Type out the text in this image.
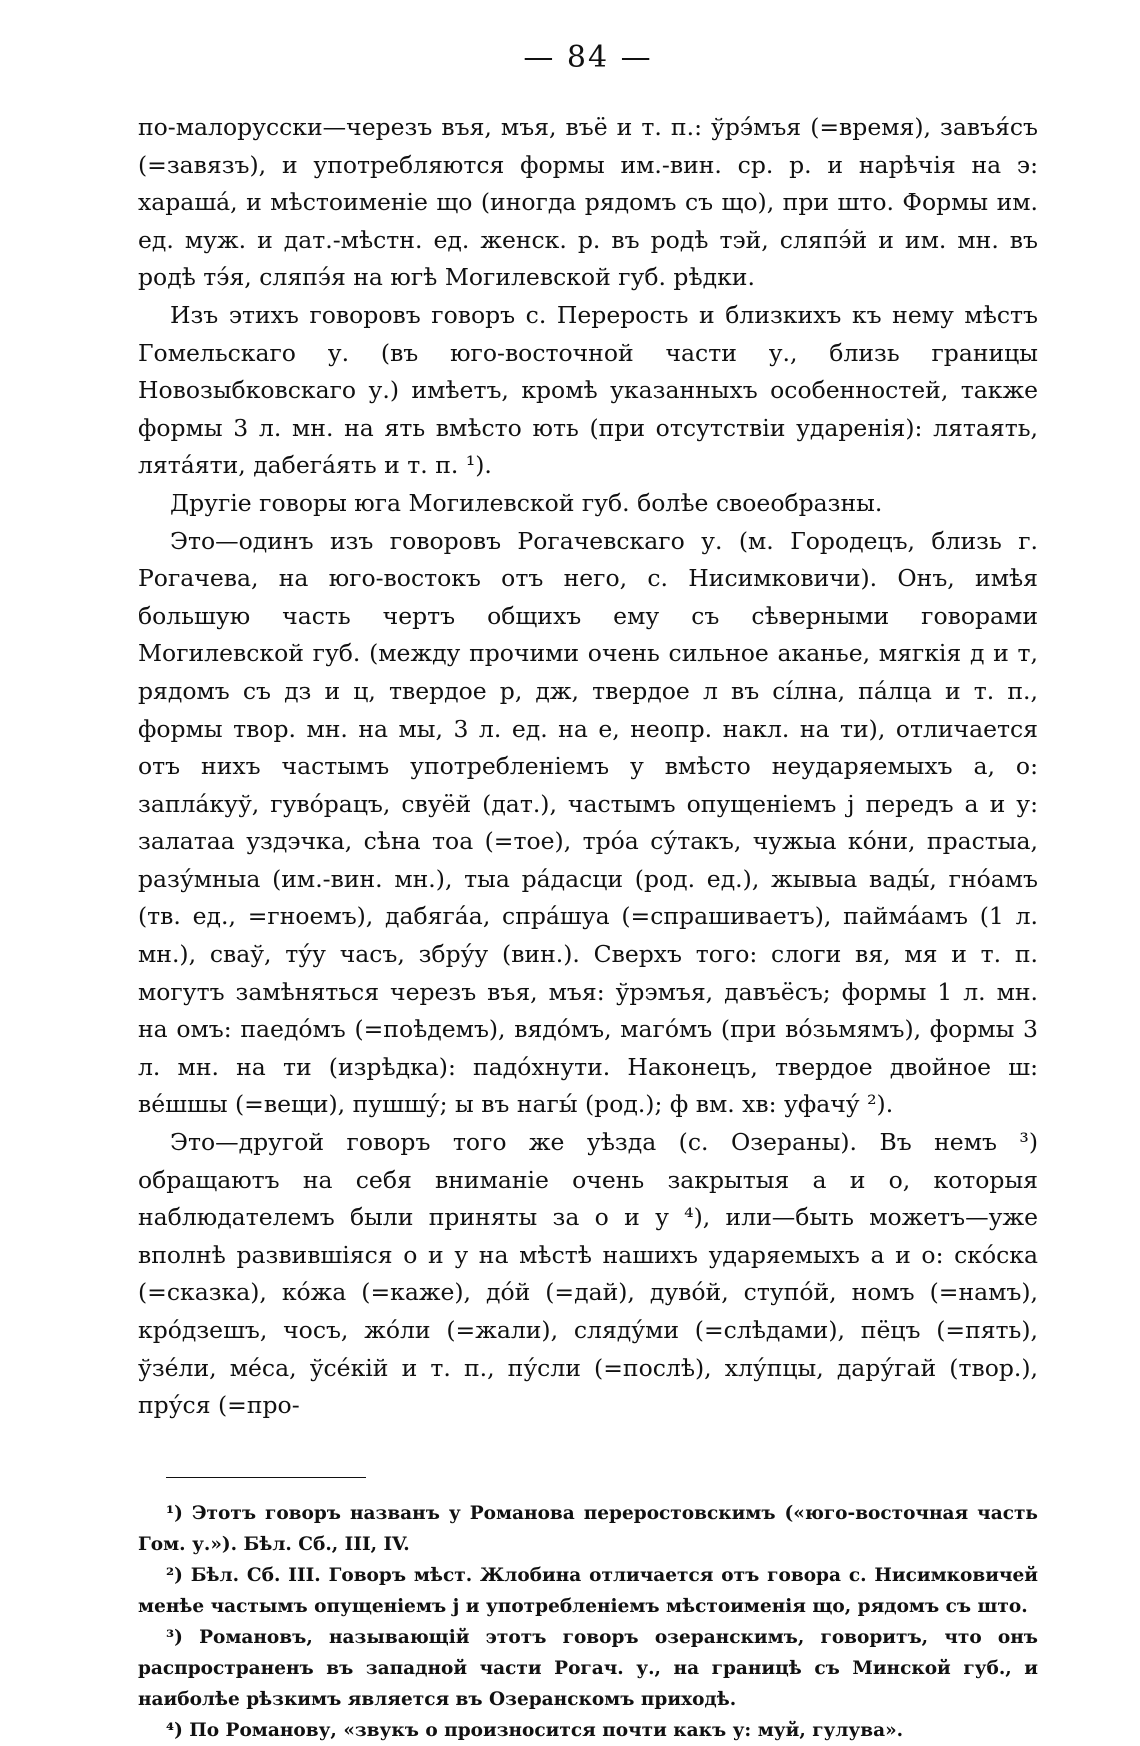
— 84 —

по-малорусски—черезъ въя, мъя, въё и т. п.: ўрэ́мъя (=время), завъя́съ (=завязъ), и употребляются формы им.-вин. ср. р. и нарѣчія на э: хараша́, и мѣстоименіе що (иногда рядомъ съ що), при што. Формы им. ед. муж. и дат.-мѣстн. ед. женск. р. въ родѣ тэй, сляпэ́й и им. мн. въ родѣ тэ́я, сляпэ́я на югѣ Могилевской губ. рѣдки.

Изъ этихъ говоровъ говоръ с. Перерость и близкихъ къ нему мѣстъ Гомельскаго у. (въ юго-восточной части у., близь границы Новозыбковскаго у.) имѣетъ, кромѣ указанныхъ особенностей, также формы 3 л. мн. на ять вмѣсто ють (при отсутствіи ударенія): лятаять, лята́яти, дабега́ять и т. п. ¹).

Другіе говоры юга Могилевской губ. болѣе своеобразны.

Это—одинъ изъ говоровъ Рогачевскаго у. (м. Городецъ, близь г. Рогачева, на юго-востокъ отъ него, с. Нисимковичи). Онъ, имѣя большую часть чертъ общихъ ему съ сѣверными говорами Могилевской губ. (между прочими очень сильное аканье, мягкія д и т, рядомъ съ дз и ц, твердое р, дж, твердое л въ сі́лна, па́лца и т. п., формы твор. мн. на мы, 3 л. ед. на е, неопр. накл. на ти), отличается отъ нихъ частымъ употребленіемъ у вмѣсто неударяемыхъ а, о: запла́куў, гуво́рацъ, свуёй (дат.), частымъ опущеніемъ j передъ а и у: залатаа уздэчка, сѣна тоа (=тое), тро́а су́такъ, чужыа ко́ни, прастыа, разу́мныа (им.-вин. мн.), тыа ра́дасци (род. ед.), жывыа вады́, гно́амъ (тв. ед., =гноемъ), дабяга́а, спра́шуа (=спрашиваетъ), пайма́амъ (1 л. мн.), сваў, ту́у часъ, збру́у (вин.). Сверхъ того: слоги вя, мя и т. п. могутъ замѣняться черезъ въя, мъя: ўрэмъя, давъёсъ; формы 1 л. мн. на омъ: паедо́мъ (=поѣдемъ), вядо́мъ, маго́мъ (при во́зьмямъ), формы 3 л. мн. на ти (изрѣдка): падо́хнути. Наконецъ, твердое двойное ш: ве́шшы (=вещи), пушшу́; ы въ нагы́ (род.); ф вм. хв: уфачу́ ²).

Это—другой говоръ того же уѣзда (с. Озераны). Въ немъ ³) обращаютъ на себя вниманіе очень закрытыя а и о, которыя наблюдателемъ были приняты за о и у ⁴), или—быть можетъ—уже вполнѣ развившіяся о и у на мѣстѣ нашихъ ударяемыхъ а и о: ско́ска (=сказка), ко́жа (=каже), до́й (=дай), дуво́й, ступо́й, номъ (=намъ), кро́дзешъ, чосъ, жо́ли (=жали), сляду́ми (=слѣдами), пёцъ (=пять), ўзе́ли, ме́са, ўсе́кій и т. п., пу́сли (=послѣ), хлу́пцы, дару́гай (твор.), пру́ся (=про-

¹) Этотъ говоръ названъ у Романова переростовскимъ («юго-восточная часть Гом. у.»). Бѣл. Сб., III, IV.

²) Бѣл. Сб. III. Говоръ мѣст. Жлобина отличается отъ говора с. Нисимковичей менѣе частымъ опущеніемъ j и употребленіемъ мѣстоименія що, рядомъ съ што.

³) Романовъ, называющій этотъ говоръ озеранскимъ, говоритъ, что онъ распространенъ въ западной части Рогач. у., на границѣ съ Минской губ., и наиболѣе рѣзкимъ является въ Озеранскомъ приходѣ.

⁴) По Романову, «звукъ о произносится почти какъ у: муй, гулува».
